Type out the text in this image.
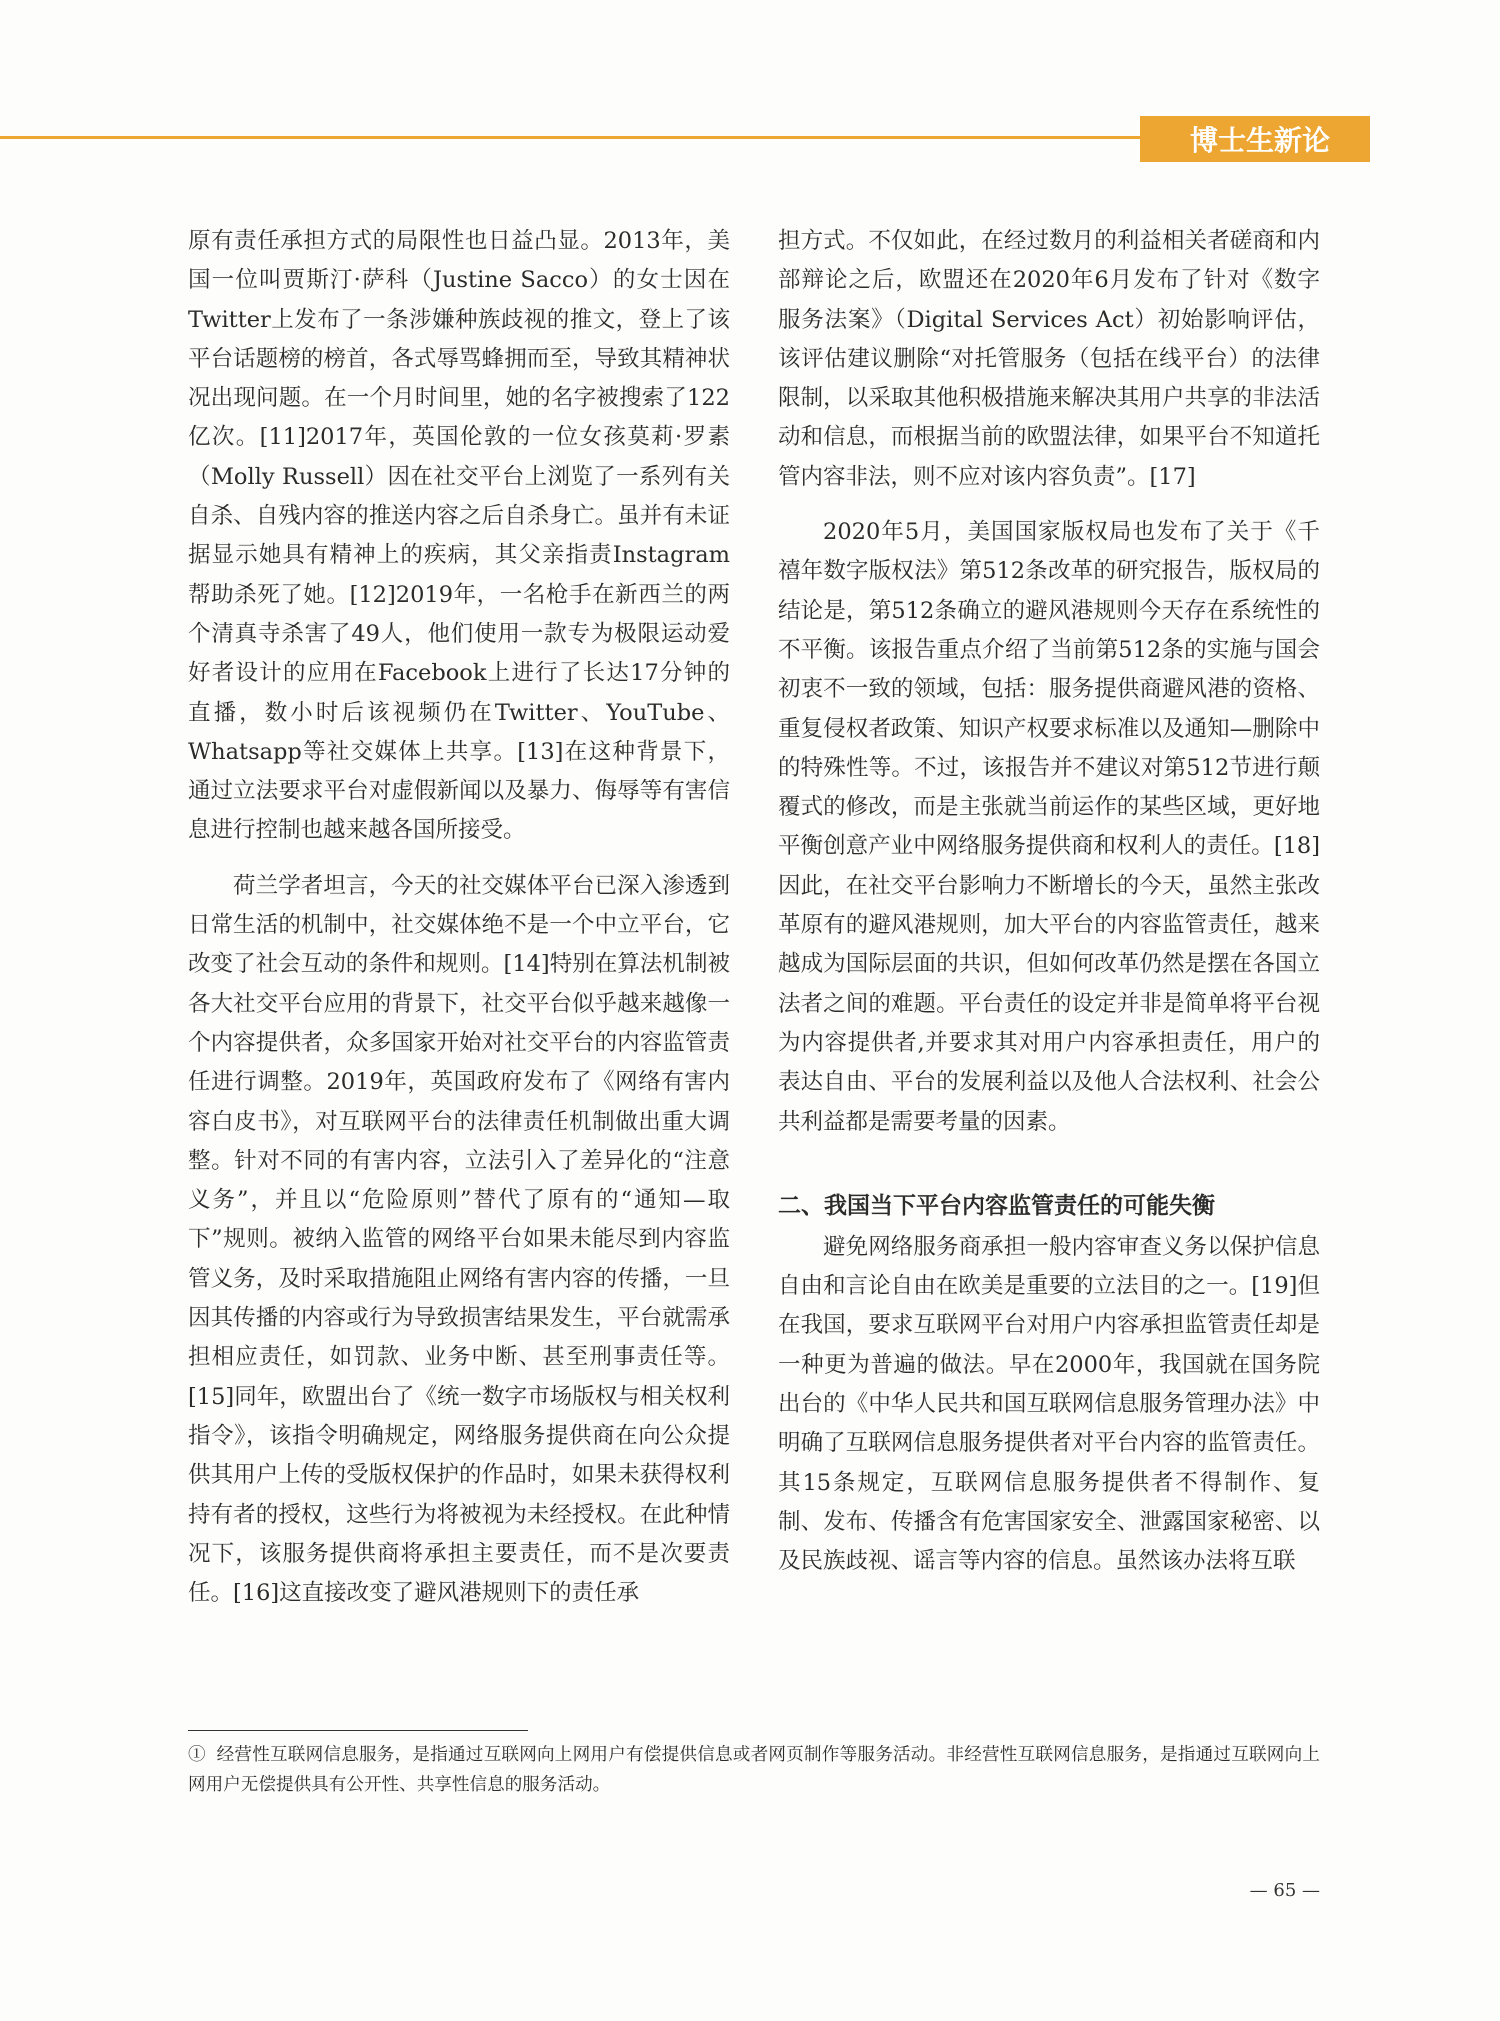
博士生新论

原有责任承担方式的局限性也日益凸显。2013年，美国一位叫贾斯汀·萨科（Justine Sacco）的女士因在Twitter上发布了一条涉嫌种族歧视的推文，登上了该平台话题榜的榜首，各式辱骂蜂拥而至，导致其精神状况出现问题。在一个月时间里，她的名字被搜索了122亿次。[11]2017年，英国伦敦的一位女孩莫莉·罗素（Molly Russell）因在社交平台上浏览了一系列有关自杀、自残内容的推送内容之后自杀身亡。虽并有未证据显示她具有精神上的疾病，其父亲指责Instagram帮助杀死了她。[12]2019年，一名枪手在新西兰的两个清真寺杀害了49人，他们使用一款专为极限运动爱好者设计的应用在Facebook上进行了长达17分钟的直播，数小时后该视频仍在Twitter、YouTube、Whatsapp等社交媒体上共享。[13]在这种背景下，通过立法要求平台对虚假新闻以及暴力、侮辱等有害信息进行控制也越来越各国所接受。

荷兰学者坦言，今天的社交媒体平台已深入渗透到日常生活的机制中，社交媒体绝不是一个中立平台，它改变了社会互动的条件和规则。[14]特别在算法机制被各大社交平台应用的背景下，社交平台似乎越来越像一个内容提供者，众多国家开始对社交平台的内容监管责任进行调整。2019年，英国政府发布了《网络有害内容白皮书》，对互联网平台的法律责任机制做出重大调整。针对不同的有害内容，立法引入了差异化的“注意义务”，并且以“危险原则”替代了原有的“通知—取下”规则。被纳入监管的网络平台如果未能尽到内容监管义务，及时采取措施阻止网络有害内容的传播，一旦因其传播的内容或行为导致损害结果发生，平台就需承担相应责任，如罚款、业务中断、甚至刑事责任等。[15]同年，欧盟出台了《统一数字市场版权与相关权利指令》，该指令明确规定，网络服务提供商在向公众提供其用户上传的受版权保护的作品时，如果未获得权利持有者的授权，这些行为将被视为未经授权。在此种情况下，该服务提供商将承担主要责任，而不是次要责任。[16]这直接改变了避风港规则下的责任承

担方式。不仅如此，在经过数月的利益相关者磋商和内部辩论之后，欧盟还在2020年6月发布了针对《数字服务法案》（Digital Services Act）初始影响评估，该评估建议删除“对托管服务（包括在线平台）的法律限制，以采取其他积极措施来解决其用户共享的非法活动和信息，而根据当前的欧盟法律，如果平台不知道托管内容非法，则不应对该内容负责”。[17]

2020年5月，美国国家版权局也发布了关于《千禧年数字版权法》第512条改革的研究报告，版权局的结论是，第512条确立的避风港规则今天存在系统性的不平衡。该报告重点介绍了当前第512条的实施与国会初衷不一致的领域，包括：服务提供商避风港的资格、重复侵权者政策、知识产权要求标准以及通知—删除中的特殊性等。不过，该报告并不建议对第512节进行颠覆式的修改，而是主张就当前运作的某些区域，更好地平衡创意产业中网络服务提供商和权利人的责任。[18]因此，在社交平台影响力不断增长的今天，虽然主张改革原有的避风港规则，加大平台的内容监管责任，越来越成为国际层面的共识，但如何改革仍然是摆在各国立法者之间的难题。平台责任的设定并非是简单将平台视为内容提供者,并要求其对用户内容承担责任，用户的表达自由、平台的发展利益以及他人合法权利、社会公共利益都是需要考量的因素。

二、我国当下平台内容监管责任的可能失衡

避免网络服务商承担一般内容审查义务以保护信息自由和言论自由在欧美是重要的立法目的之一。[19]但在我国，要求互联网平台对用户内容承担监管责任却是一种更为普遍的做法。早在2000年，我国就在国务院出台的《中华人民共和国互联网信息服务管理办法》中明确了互联网信息服务提供者对平台内容的监管责任。其15条规定，互联网信息服务提供者不得制作、复制、发布、传播含有危害国家安全、泄露国家秘密、以及民族歧视、谣言等内容的信息。虽然该办法将互联

① 经营性互联网信息服务，是指通过互联网向上网用户有偿提供信息或者网页制作等服务活动。非经营性互联网信息服务，是指通过互联网向上网用户无偿提供具有公开性、共享性信息的服务活动。
— 65 —
